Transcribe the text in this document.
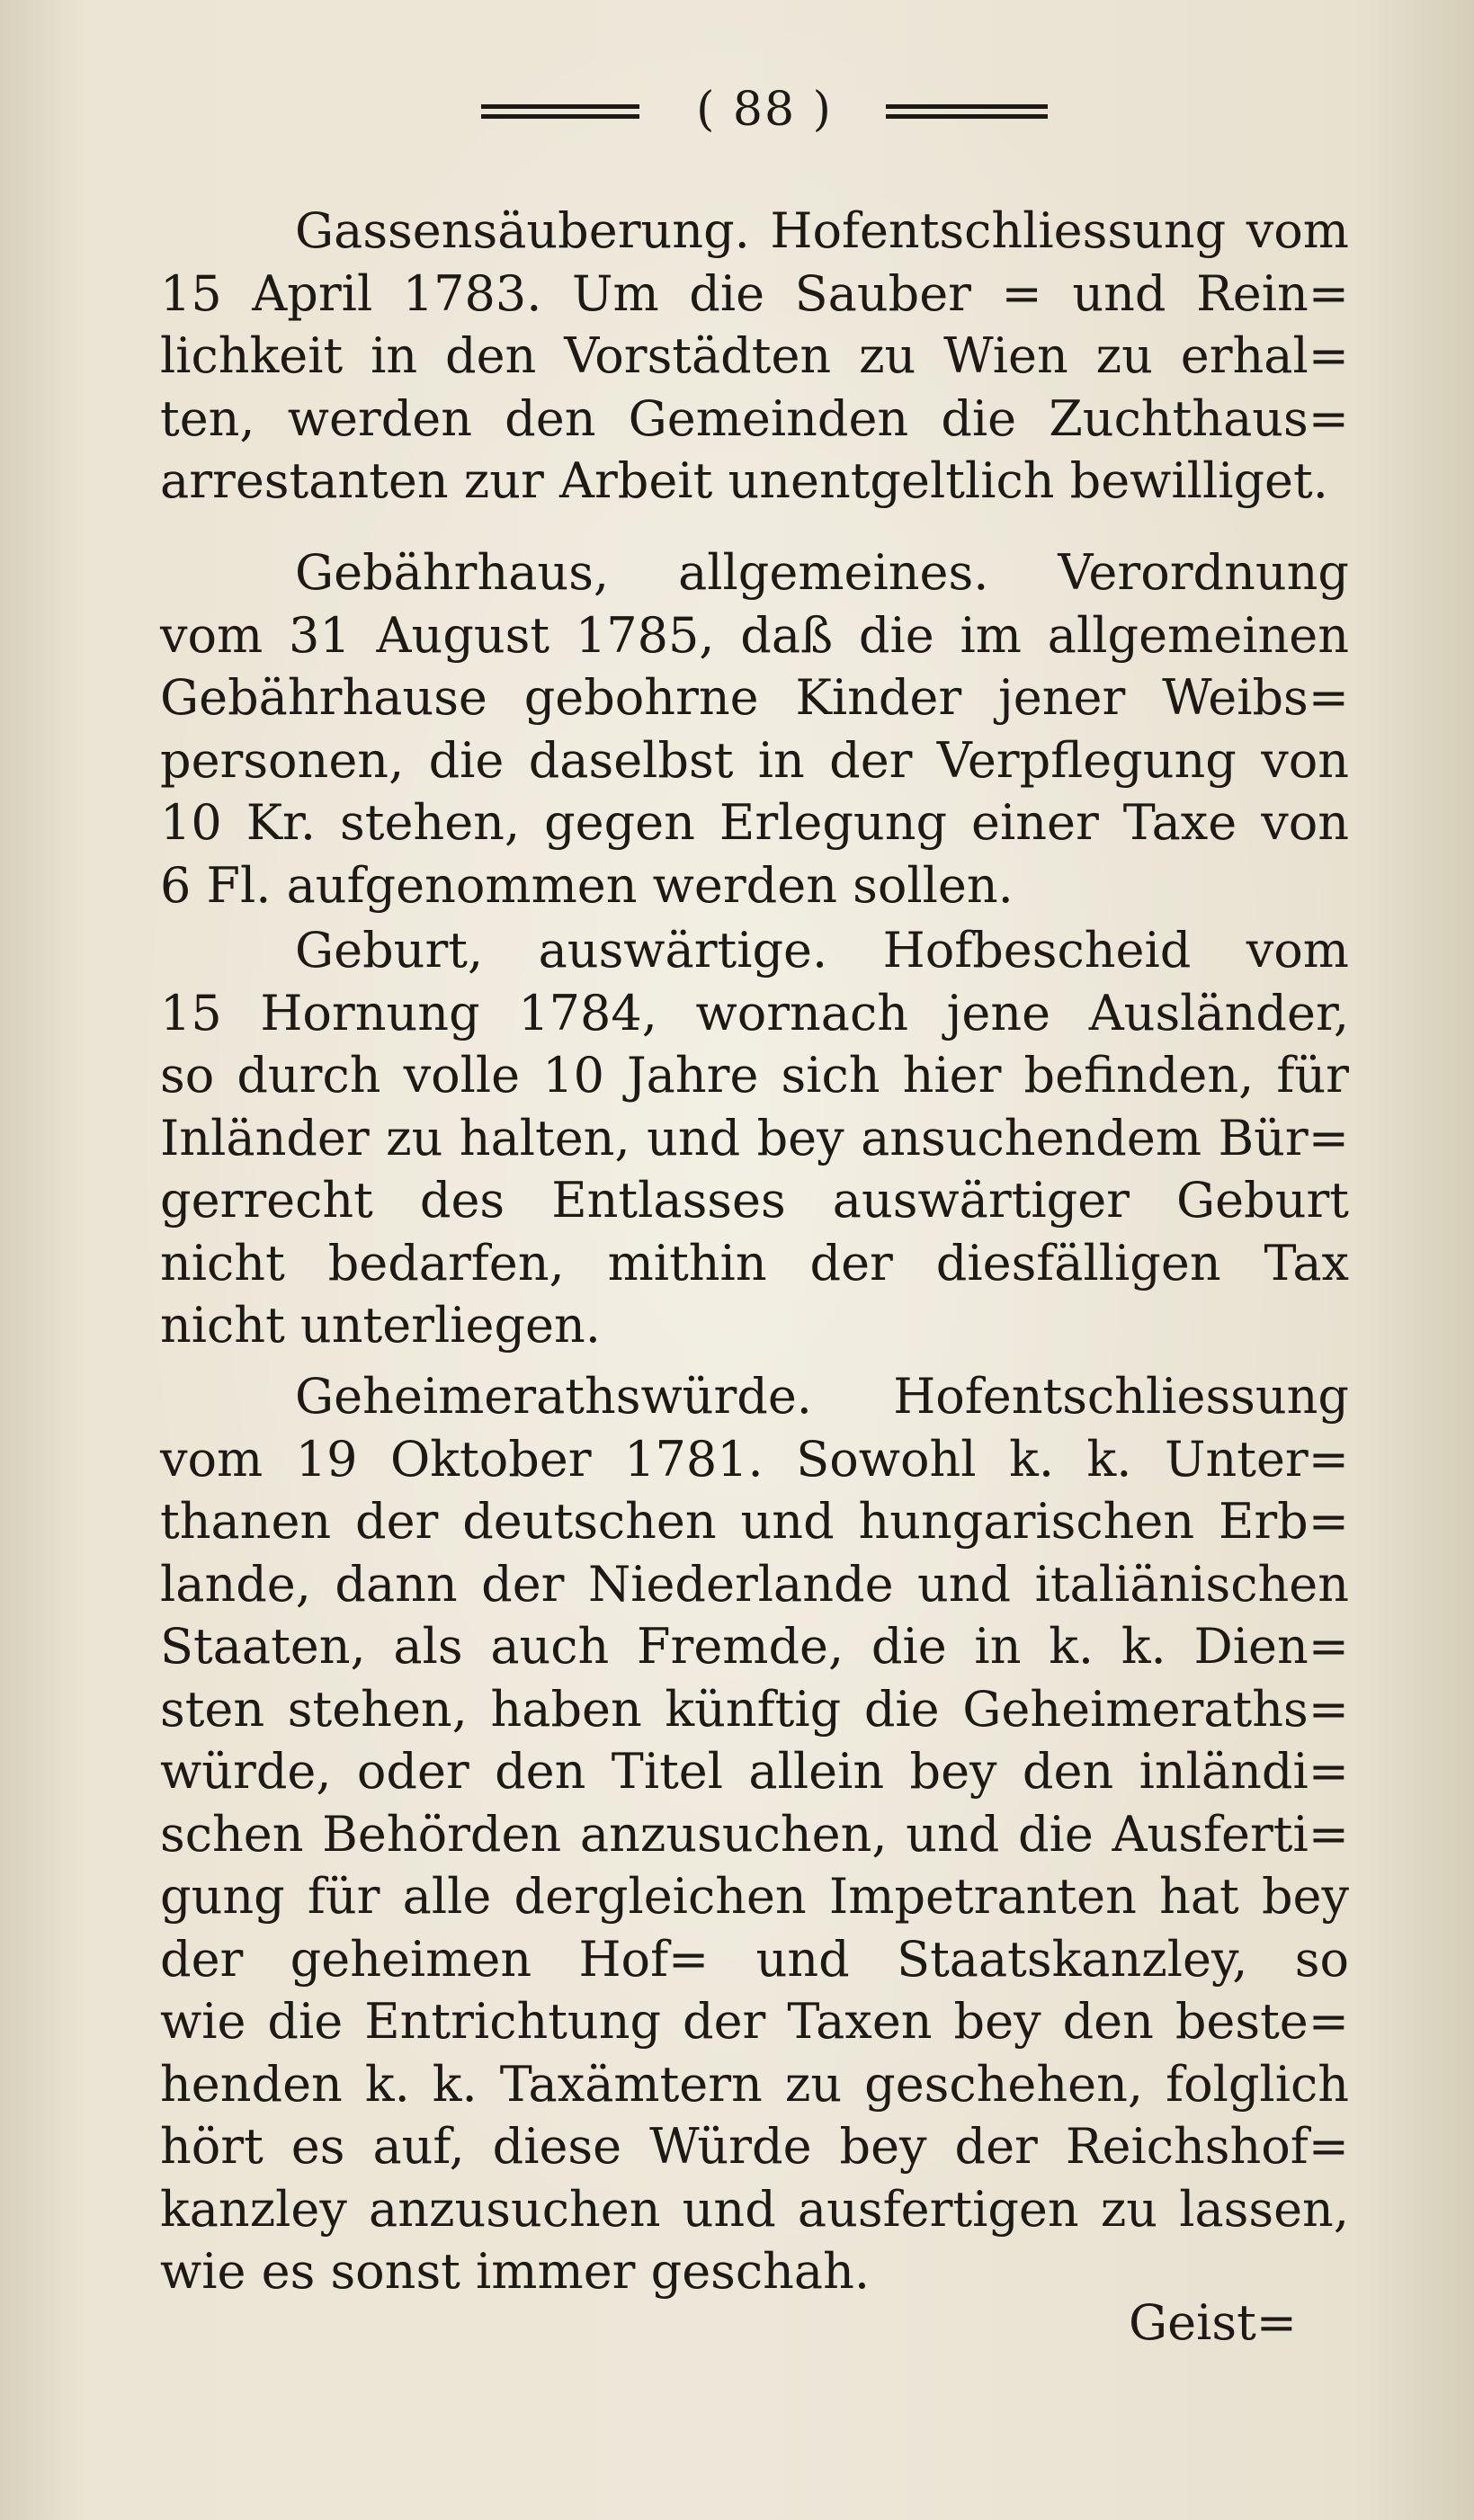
( 88 )
Gassensäuberung. Hofentschliessung vom
15 April 1783. Um die Sauber = und Rein=
lichkeit in den Vorstädten zu Wien zu erhal=
ten, werden den Gemeinden die Zuchthaus=
arrestanten zur Arbeit unentgeltlich bewilliget.
Gebährhaus, allgemeines. Verordnung
vom 31 August 1785, daß die im allgemeinen
Gebährhause gebohrne Kinder jener Weibs=
personen, die daselbst in der Verpflegung von
10 Kr. stehen, gegen Erlegung einer Taxe von
6 Fl. aufgenommen werden sollen.
Geburt, auswärtige. Hofbescheid vom
15 Hornung 1784, wornach jene Ausländer,
so durch volle 10 Jahre sich hier befinden, für
Inländer zu halten, und bey ansuchendem Bür=
gerrecht des Entlasses auswärtiger Geburt
nicht bedarfen, mithin der diesfälligen Tax
nicht unterliegen.
Geheimerathswürde. Hofentschliessung
vom 19 Oktober 1781. Sowohl k. k. Unter=
thanen der deutschen und hungarischen Erb=
lande, dann der Niederlande und italiänischen
Staaten, als auch Fremde, die in k. k. Dien=
sten stehen, haben künftig die Geheimeraths=
würde, oder den Titel allein bey den inländi=
schen Behörden anzusuchen, und die Ausferti=
gung für alle dergleichen Impetranten hat bey
der geheimen Hof= und Staatskanzley, so
wie die Entrichtung der Taxen bey den beste=
henden k. k. Taxämtern zu geschehen, folglich
hört es auf, diese Würde bey der Reichshof=
kanzley anzusuchen und ausfertigen zu lassen,
wie es sonst immer geschah.
Geist=
